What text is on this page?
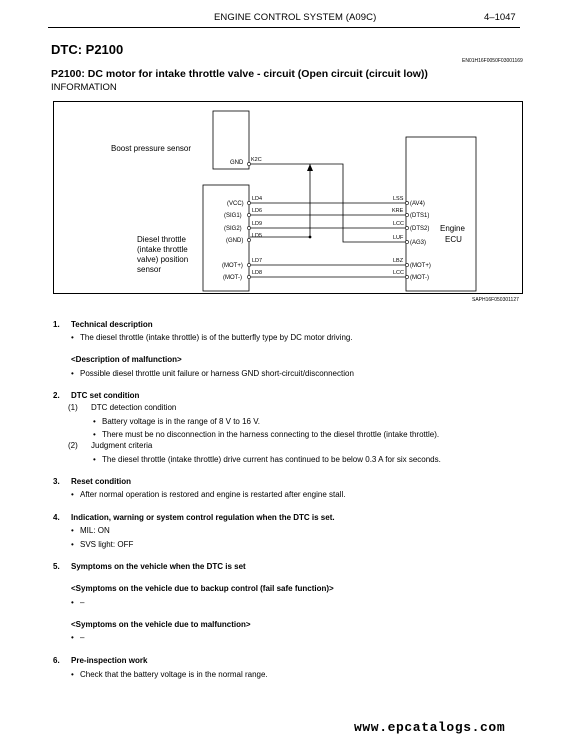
ENGINE CONTROL SYSTEM (A09C)	4–1047
DTC: P2100
EN01H16F0050F03001169
P2100: DC motor for intake throttle valve - circuit (Open circuit (circuit low))
INFORMATION
Boost pressure sensor
GND K2C
Diesel throttle
(intake throttle
valve) position
sensor
Engine
ECU
(VCC)
(SIG1)
(SIG2)
(GND)
(MOT+)
(MOT-)
LD4
LD6
LD9
LD5
LD7
LD8
LSS
KRE
LCC
LUF
LBZ
LCC
(AV4)
(DTS1)
(DTS2)
(AG3)
(MOT+)
(MOT-)
SAPH16F050301127
1. Technical description
• The diesel throttle (intake throttle) is of the butterfly type by DC motor driving.
<Description of malfunction>
• Possible diesel throttle unit failure or harness GND short-circuit/disconnection
2. DTC set condition
(1) DTC detection condition
• Battery voltage is in the range of 8 V to 16 V.
• There must be no disconnection in the harness connecting to the diesel throttle (intake throttle).
(2) Judgment criteria
• The diesel throttle (intake throttle) drive current has continued to be below 0.3 A for six seconds.
3. Reset condition
• After normal operation is restored and engine is restarted after engine stall.
4. Indication, warning or system control regulation when the DTC is set.
• MIL: ON
• SVS light: OFF
5. Symptoms on the vehicle when the DTC is set
<Symptoms on the vehicle due to backup control (fail safe function)>
• –
<Symptoms on the vehicle due to malfunction>
• –
6. Pre-inspection work
• Check that the battery voltage is in the normal range.
www.epcatalogs.com
